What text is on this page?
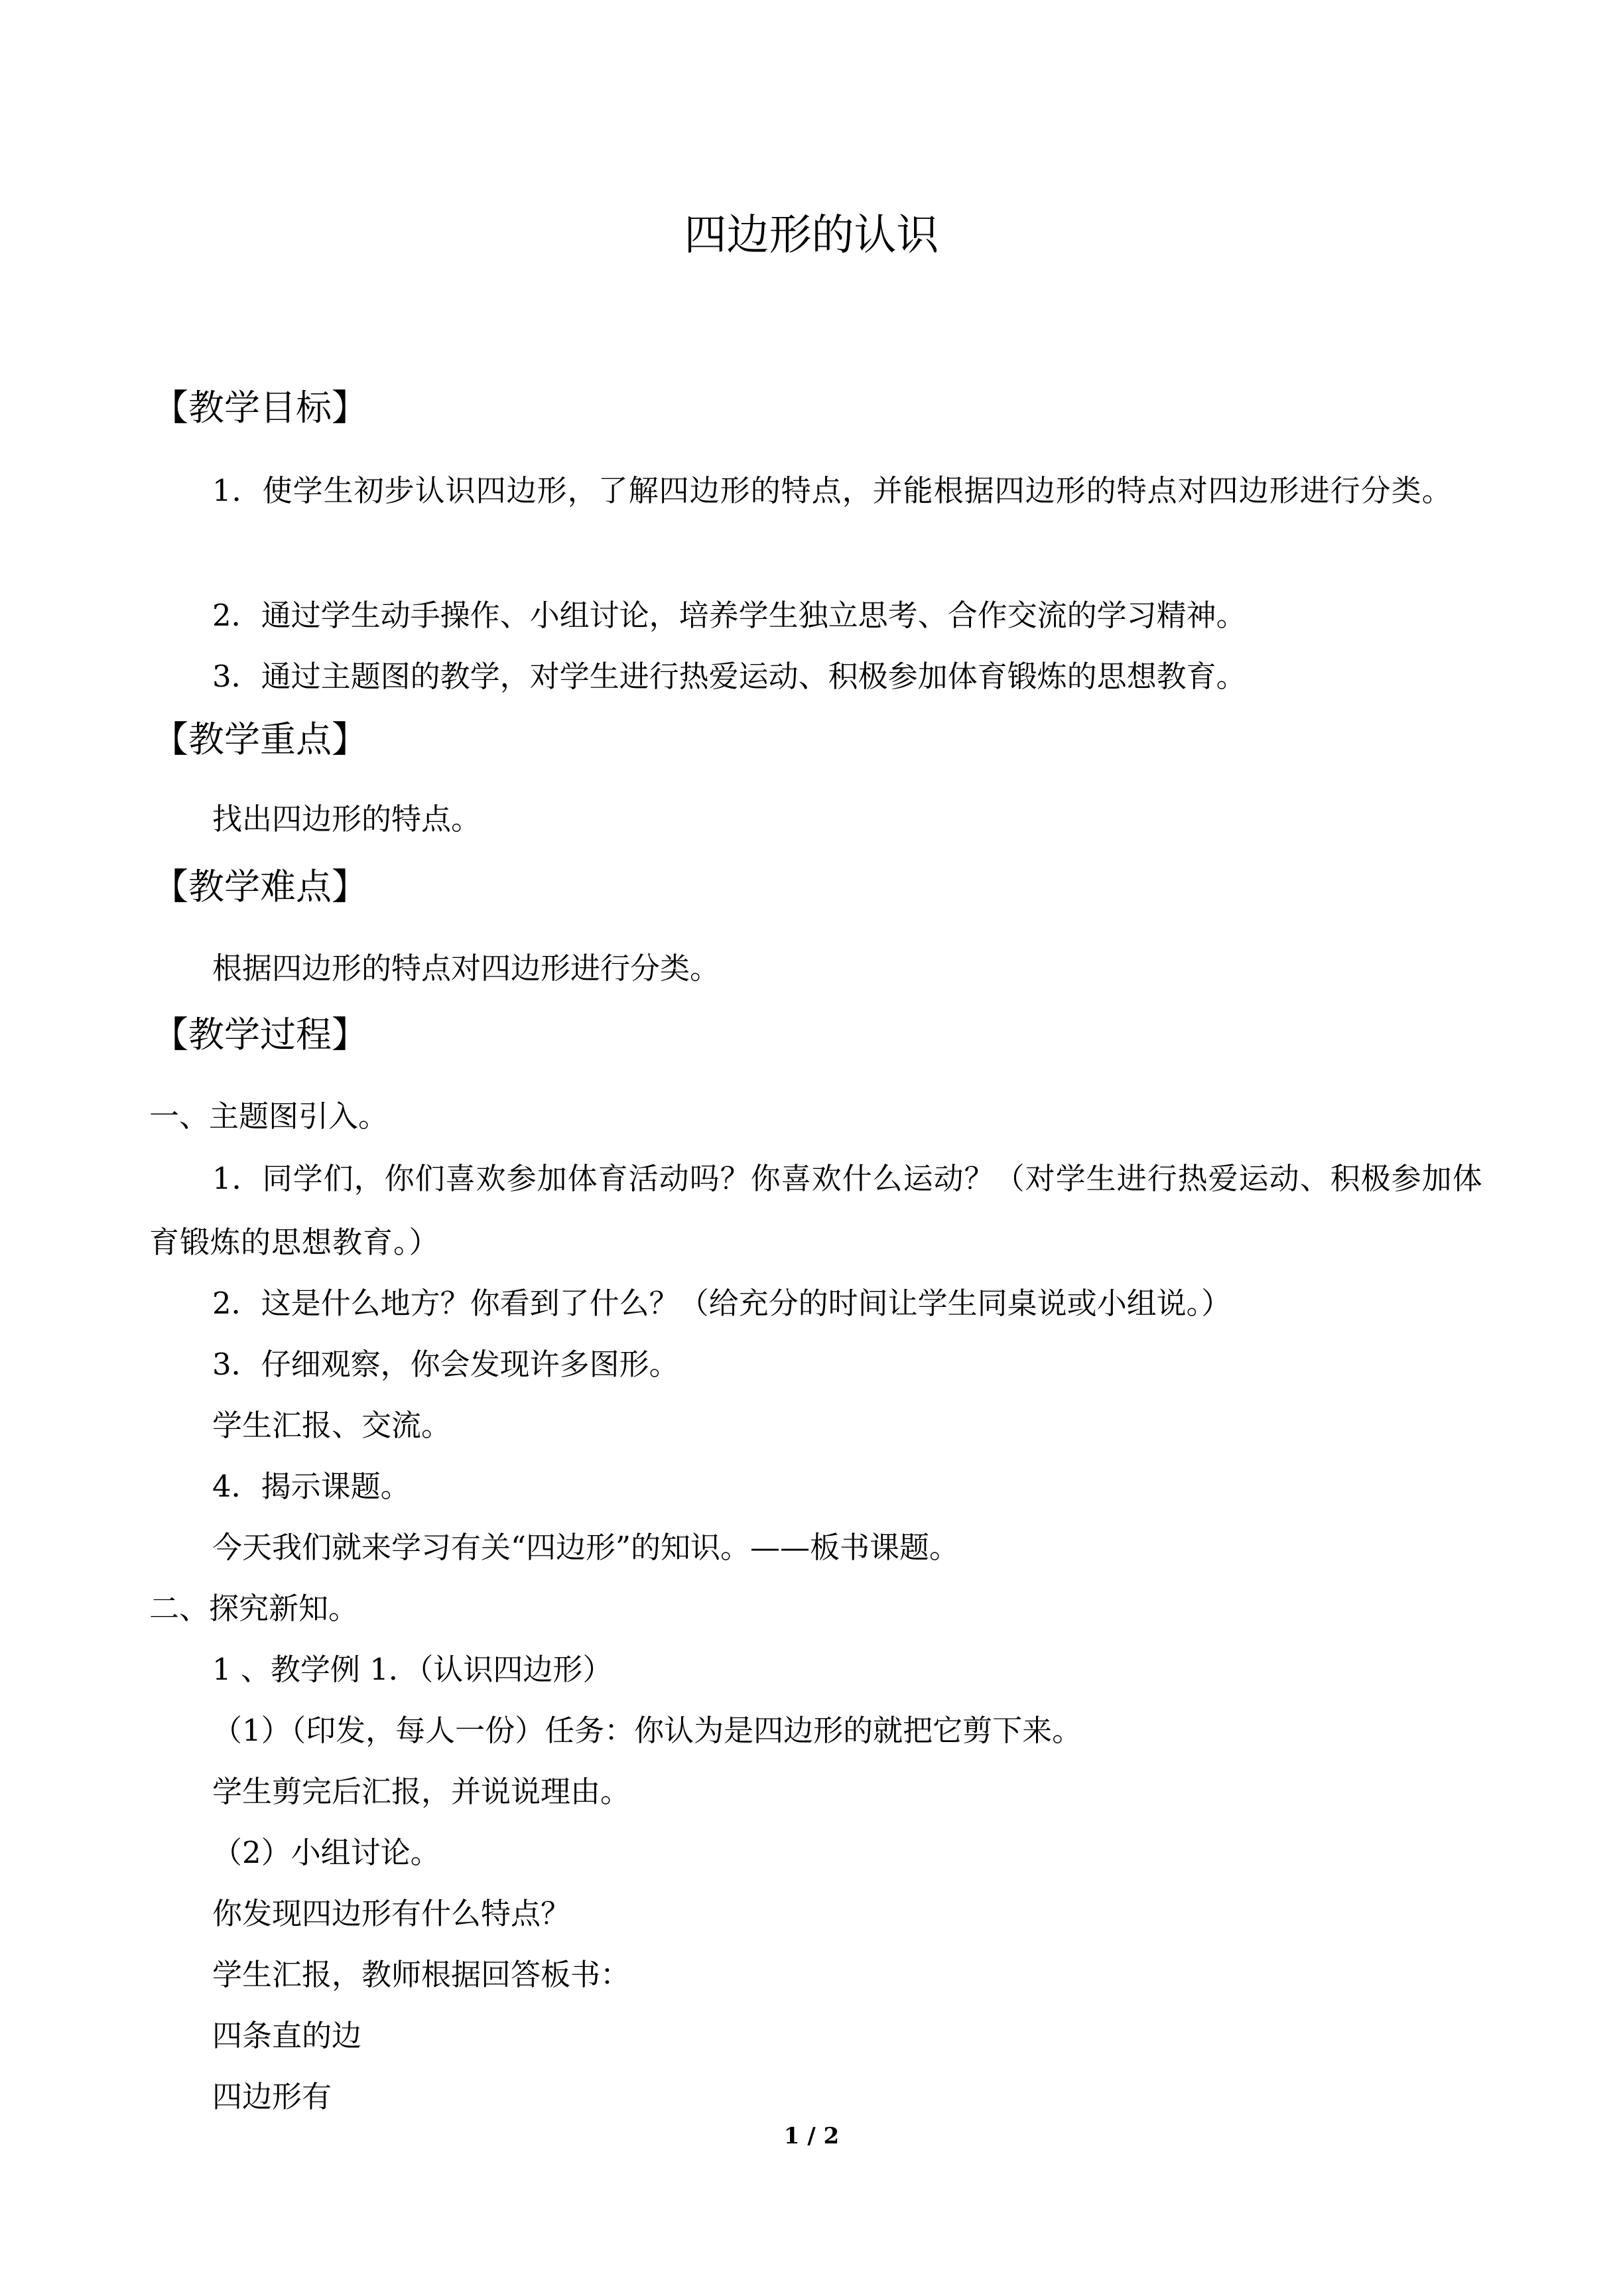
四边形的认识
【教学目标】
1．使学生初步认识四边形，了解四边形的特点，并能根据四边形的特点对四边形进行分类。
2．通过学生动手操作、小组讨论，培养学生独立思考、合作交流的学习精神。
3．通过主题图的教学，对学生进行热爱运动、积极参加体育锻炼的思想教育。
【教学重点】
找出四边形的特点。
【教学难点】
根据四边形的特点对四边形进行分类。
【教学过程】
一、主题图引入。
1．同学们，你们喜欢参加体育活动吗？你喜欢什么运动？（对学生进行热爱运动、积极参加体育锻炼的思想教育。）
2．这是什么地方？你看到了什么？（给充分的时间让学生同桌说或小组说。）
3．仔细观察，你会发现许多图形。
学生汇报、交流。
4．揭示课题。
今天我们就来学习有关“四边形”的知识。——板书课题。
二、探究新知。
1 、教学例 1．（认识四边形）
（1）（印发，每人一份）任务：你认为是四边形的就把它剪下来。
学生剪完后汇报，并说说理由。
（2）小组讨论。
你发现四边形有什么特点？
学生汇报，教师根据回答板书：
四条直的边
四边形有
1 / 2
